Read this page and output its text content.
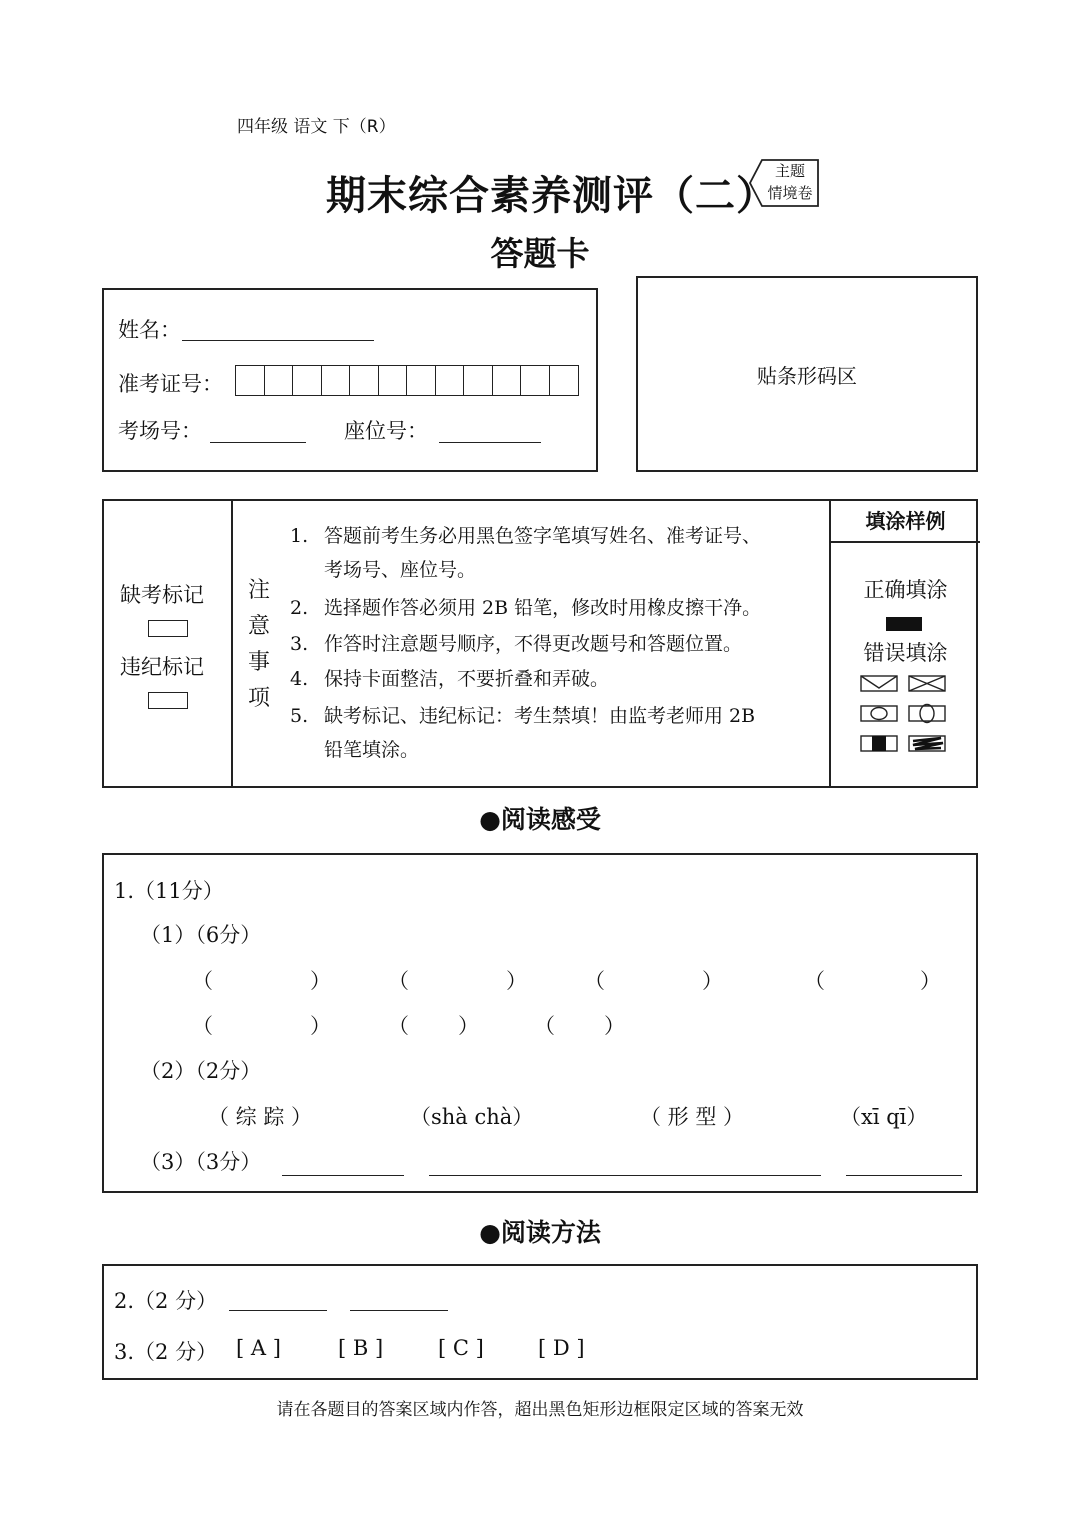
四年级 语文 下（R）
期末综合素养测评（二）
主题
情境卷
答题卡
姓名：
准考证号：
考场号：	座位号：
贴条形码区
缺考标记
违纪标记
注
意
事
项
1. 答题前考生务必用黑色签字笔填写姓名、准考证号、
考场号、座位号。
2. 选择题作答必须用 2B 铅笔，修改时用橡皮擦干净。
3. 作答时注意题号顺序，不得更改题号和答题位置。
4. 保持卡面整洁，不要折叠和弄破。
5. 缺考标记、违纪标记：考生禁填！由监考老师用 2B
铅笔填涂。
填涂样例
正确填涂
错误填涂
●阅读感受
1.（11分）
（1）（6分）
（	）	（	）	（	）	（	）
（	）	（ ）	（ ）
（2）（2分）
（ 综 踪 ）	（shà chà）	（ 形 型 ）	（xī qī）
（3）（3分）
●阅读方法
2.（2 分）
3.（2 分） [ A ]	[ B ]	[ C ]	[ D ]
请在各题目的答案区域内作答，超出黑色矩形边框限定区域的答案无效
